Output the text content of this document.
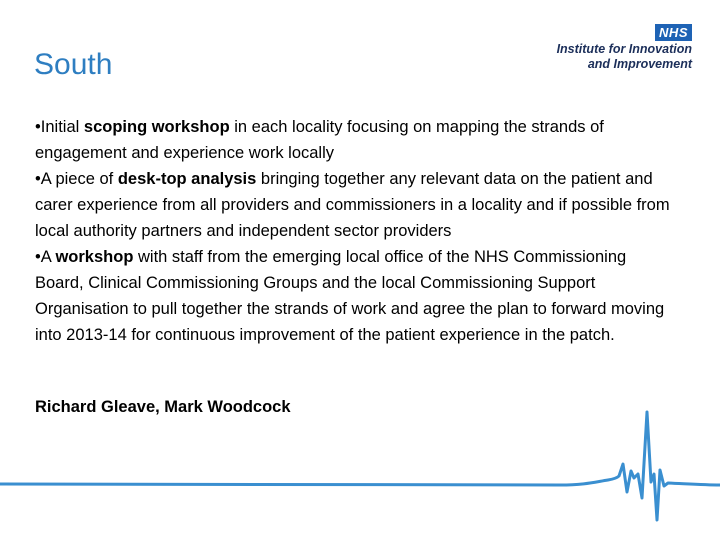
South
NHS
Institute for Innovation
and Improvement

•Initial scoping workshop in each locality focusing on mapping the strands of engagement and experience work locally

•A piece of desk-top analysis bringing together any relevant data on the patient and carer experience from all providers and commissioners in a locality and if possible from local authority partners and independent sector providers

•A workshop with staff from the emerging local office of the NHS Commissioning Board, Clinical Commissioning Groups and the local Commissioning Support Organisation to pull together the strands of work and agree the plan to forward moving into 2013-14 for continuous improvement of the patient experience in the patch.

Richard Gleave, Mark Woodcock
